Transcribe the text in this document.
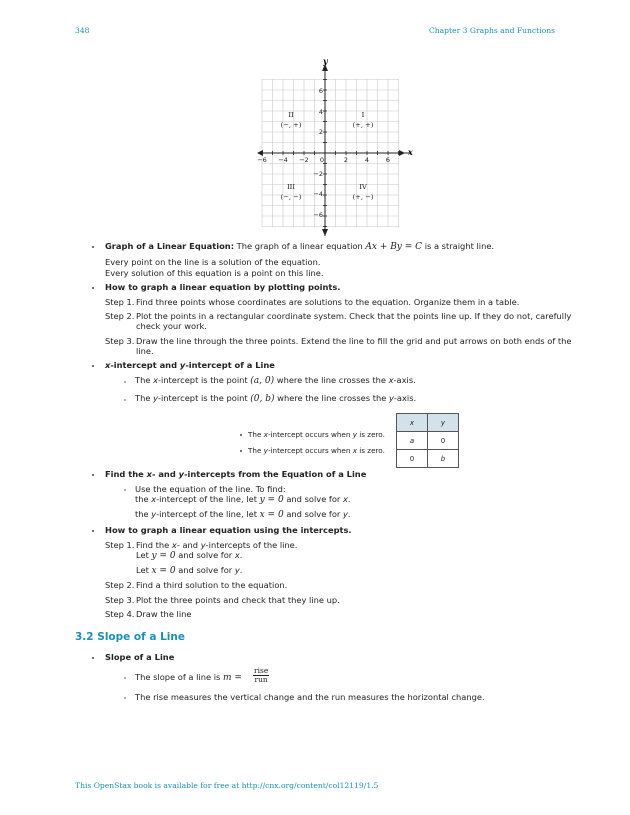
348	Chapter 3 Graphs and Functions
x
y
−6 −4 −2 0	2	4	6
6
4
2
−2
−4
−6
II
(−, +)
I
(+, +)
III
(−, −)
IV
(+, −)
Graph of a Linear Equation: The graph of a linear equation Ax + By = C is a straight line.
Every point on the line is a solution of the equation.
Every solution of this equation is a point on this line.
How to graph a linear equation by plotting points.
Step 1. Find three points whose coordinates are solutions to the equation. Organize them in a table.
Step 2. Plot the points in a rectangular coordinate system. Check that the points line up. If they do not, carefully
check your work.
Step 3. Draw the line through the three points. Extend the line to fill the grid and put arrows on both ends of the
line.
x-intercept and y-intercept of a Line
The x-intercept is the point (a, 0) where the line crosses the x-axis.
The y-intercept is the point (0, b) where the line crosses the y-axis.
The x-intercept occurs when y is zero.
The y-intercept occurs when x is zero.
x	y
a	0
0	b
Find the x- and y-intercepts from the Equation of a Line
Use the equation of the line. To find:
the x-intercept of the line, let y = 0 and solve for x.
the y-intercept of the line, let x = 0 and solve for y.
How to graph a linear equation using the intercepts.
Step 1. Find the x- and y-intercepts of the line.
Let y = 0 and solve for x.
Let x = 0 and solve for y.
Step 2. Find a third solution to the equation.
Step 3. Plot the three points and check that they line up.
Step 4. Draw the line
3.2 Slope of a Line
Slope of a Line
The slope of a line is m =
rise
run
The rise measures the vertical change and the run measures the horizontal change.
This OpenStax book is available for free at http://cnx.org/content/col12119/1.5
